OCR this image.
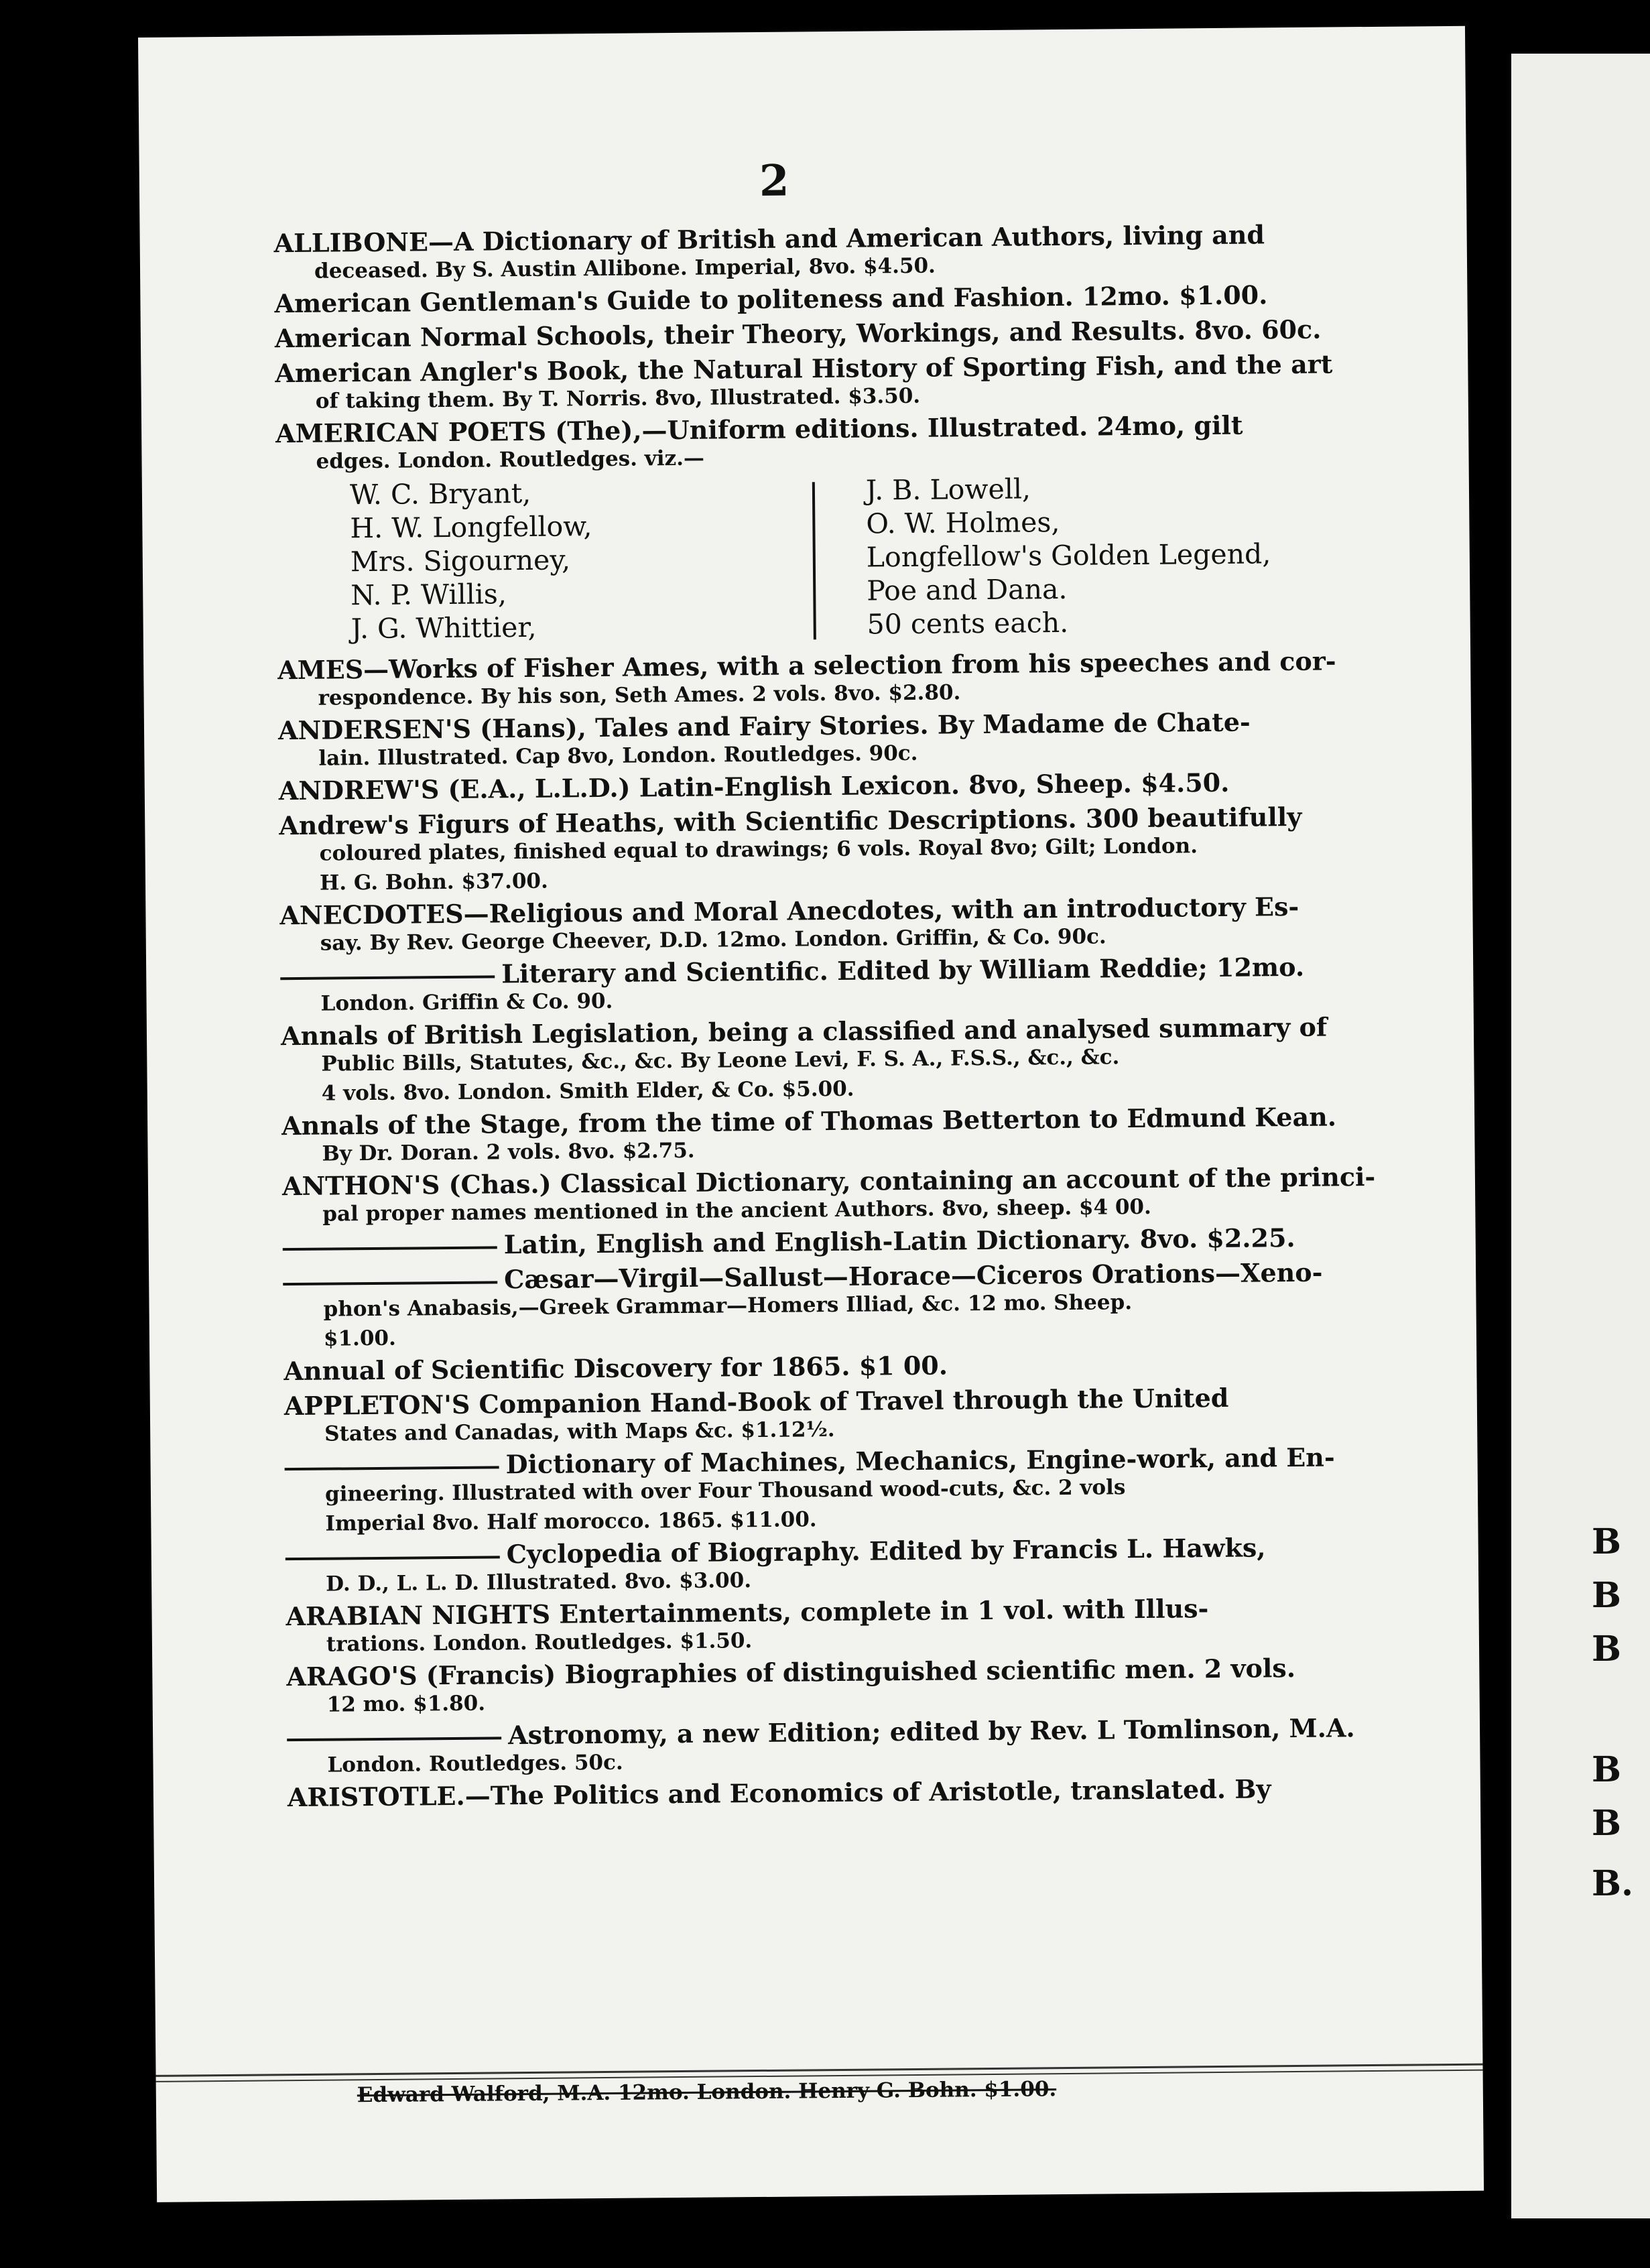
2

ALLIBONE—A Dictionary of British and American Authors, living and

deceased. By S. Austin Allibone. Imperial, 8vo. $4.50.

American Gentleman's Guide to politeness and Fashion. 12mo. $1.00.

American Normal Schools, their Theory, Workings, and Results. 8vo. 60c.

American Angler's Book, the Natural History of Sporting Fish, and the art

of taking them. By T. Norris. 8vo, Illustrated. $3.50.

AMERICAN POETS (The),—Uniform editions. Illustrated. 24mo, gilt

edges. London. Routledges. viz.—

W. C. Bryant,
H. W. Longfellow,
Mrs. Sigourney,
N. P. Willis,
J. G. Whittier,
J. B. Lowell,
O. W. Holmes,
Longfellow's Golden Legend,
Poe and Dana.
50 cents each.

AMES—Works of Fisher Ames, with a selection from his speeches and cor-

respondence. By his son, Seth Ames. 2 vols. 8vo. $2.80.

ANDERSEN'S (Hans), Tales and Fairy Stories. By Madame de Chate-

lain. Illustrated. Cap 8vo, London. Routledges. 90c.

ANDREW'S (E.A., L.L.D.) Latin-English Lexicon. 8vo, Sheep. $4.50.

Andrew's Figurs of Heaths, with Scientific Descriptions. 300 beautifully

coloured plates, finished equal to drawings; 6 vols. Royal 8vo; Gilt; London.

H. G. Bohn. $37.00.

ANECDOTES—Religious and Moral Anecdotes, with an introductory Es-

say. By Rev. George Cheever, D.D. 12mo. London. Griffin, & Co. 90c.

Literary and Scientific. Edited by William Reddie; 12mo.

London. Griffin & Co. 90.

Annals of British Legislation, being a classified and analysed summary of

Public Bills, Statutes, &c., &c. By Leone Levi, F. S. A., F.S.S., &c., &c.

4 vols. 8vo. London. Smith Elder, & Co. $5.00.

Annals of the Stage, from the time of Thomas Betterton to Edmund Kean.

By Dr. Doran. 2 vols. 8vo. $2.75.

ANTHON'S (Chas.) Classical Dictionary, containing an account of the princi-

pal proper names mentioned in the ancient Authors. 8vo, sheep. $4 00.

Latin, English and English-Latin Dictionary. 8vo. $2.25.

Cæsar—Virgil—Sallust—Horace—Ciceros Orations—Xeno-

phon's Anabasis,—Greek Grammar—Homers Illiad, &c. 12 mo. Sheep.

$1.00.

Annual of Scientific Discovery for 1865. $1 00.

APPLETON'S Companion Hand-Book of Travel through the United

States and Canadas, with Maps &c. $1.12½.

Dictionary of Machines, Mechanics, Engine-work, and En-

gineering. Illustrated with over Four Thousand wood-cuts, &c. 2 vols

Imperial 8vo. Half morocco. 1865. $11.00.

Cyclopedia of Biography. Edited by Francis L. Hawks,

D. D., L. L. D. Illustrated. 8vo. $3.00.

ARABIAN NIGHTS Entertainments, complete in 1 vol. with Illus-

trations. London. Routledges. $1.50.

ARAGO'S (Francis) Biographies of distinguished scientific men. 2 vols.

12 mo. $1.80.

Astronomy, a new Edition; edited by Rev. L Tomlinson, M.A.

London. Routledges. 50c.

ARISTOTLE.—The Politics and Economics of Aristotle, translated. By

Edward Walford, M.A. 12mo. London. Henry G. Bohn. $1.00.
B
B
B
B
B
B.
